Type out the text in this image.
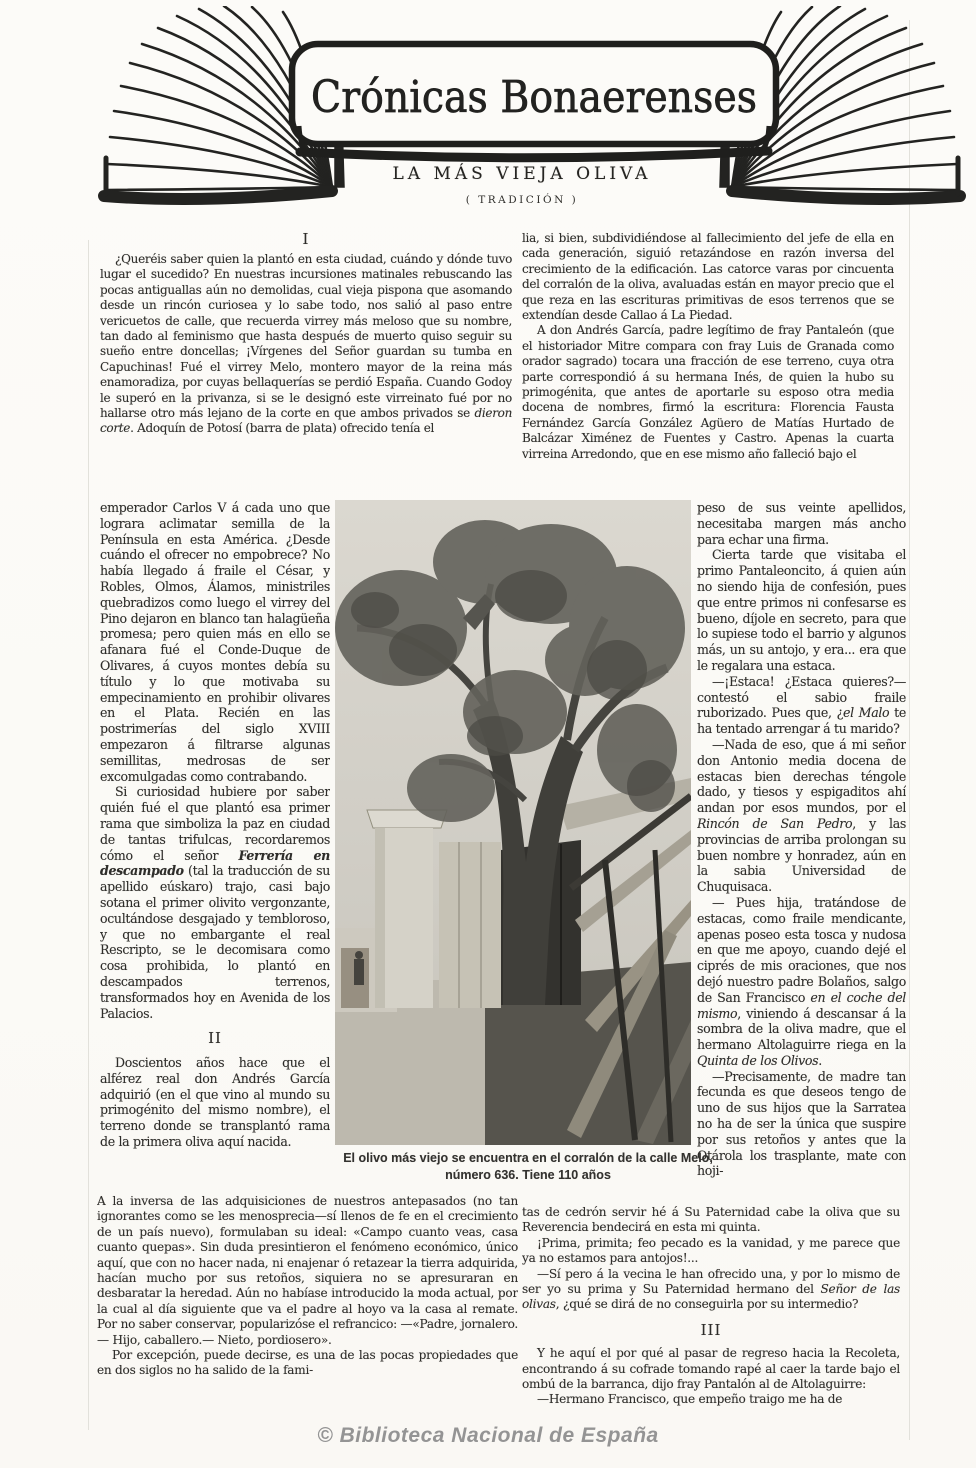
Crónicas Bonaerenses
LA MÁS VIEJA OLIVA
( TRADICIÓN )
I

¿Queréis saber quien la plantó en esta ciudad, cuándo y dónde tuvo lugar el sucedido? En nuestras incursiones matinales rebuscando las pocas antiguallas aún no demolidas, cual vieja pispona que asomando desde un rincón curiosea y lo sabe todo, nos salió al paso entre vericuetos de calle, que recuerda virrey más meloso que su nombre, tan dado al feminismo que hasta después de muerto quiso seguir su sueño entre doncellas; ¡Vírgenes del Señor guardan su tumba en Capuchinas! Fué el virrey Melo, montero mayor de la reina más enamoradiza, por cuyas bellaquerías se perdió España. Cuando Godoy le superó en la privanza, si se le designó este virreinato fué por no hallarse otro más lejano de la corte en que ambos privados se dieron corte. Adoquín de Potosí (barra de plata) ofrecido tenía el

lia, si bien, subdividiéndose al fallecimiento del jefe de ella en cada generación, siguió retazándose en razón inversa del crecimiento de la edificación. Las catorce varas por cincuenta del corralón de la oliva, avaluadas están en mayor precio que el que reza en las escrituras primitivas de esos terrenos que se extendían desde Callao á La Piedad.

A don Andrés García, padre legítimo de fray Pantaleón (que el historiador Mitre compara con fray Luis de Granada como orador sagrado) tocara una fracción de ese terreno, cuya otra parte correspondió á su hermana Inés, de quien la hubo su primogénita, que antes de aportarle su esposo otra media docena de nombres, firmó la escritura: Florencia Fausta Fernández García González Agüero de Matías Hurtado de Balcázar Ximénez de Fuentes y Castro. Apenas la cuarta virreina Arredondo, que en ese mismo año falleció bajo el

emperador Carlos V á cada uno que lograra aclimatar semilla de la Península en esta América. ¿Desde cuándo el ofrecer no empobrece? No había llegado á fraile el César, y Robles, Olmos, Álamos, ministriles quebradizos como luego el virrey del Pino dejaron en blanco tan halagüeña promesa; pero quien más en ello se afanara fué el Conde-Duque de Olivares, á cuyos montes debía su título y lo que motivaba su empecinamiento en prohibir olivares en el Plata. Recién en las postrimerías del siglo XVIII empezaron á filtrarse algunas semillitas, medrosas de ser excomulgadas como contrabando.

Si curiosidad hubiere por saber quién fué el que plantó esa primer rama que simboliza la paz en ciudad de tantas trifulcas, recordaremos cómo el señor Ferrería en descampado (tal la traducción de su apellido eúskaro) trajo, casi bajo sotana el primer olivito vergonzante, ocultándose desgajado y tembloroso, y que no embargante el real Rescripto, se le decomisara como cosa prohibida, lo plantó en descampados terrenos, transformados hoy en Avenida de los Palacios.

II

Doscientos años hace que el alférez real don Andrés García adquirió (en el que vino al mundo su primogénito del mismo nombre), el terreno donde se transplantó rama de la primera oliva aquí nacida.

peso de sus veinte apellidos, necesitaba margen más ancho para echar una firma.

Cierta tarde que visitaba el primo Pantaleoncito, á quien aún no siendo hija de confesión, pues que entre primos ni confesarse es bueno, díjole en secreto, para que lo supiese todo el barrio y algunos más, un su antojo, y era... era que le regalara una estaca.

—¡Estaca! ¿Estaca quieres?—contestó el sabio fraile ruborizado. Pues que, ¿el Malo te ha tentado arrengar á tu marido?

—Nada de eso, que á mi señor don Antonio media docena de estacas bien derechas téngole dado, y tiesos y espigaditos ahí andan por esos mundos, por el Rincón de San Pedro, y las provincias de arriba prolongan su buen nombre y honradez, aún en la sabia Universidad de Chuquisaca.

— Pues hija, tratándose de estacas, como fraile mendicante, apenas poseo esta tosca y nudosa en que me apoyo, cuando dejé el ciprés de mis oraciones, que nos dejó nuestro padre Bolaños, salgo de San Francisco en el coche del mismo, viniendo á descansar á la sombra de la oliva madre, que el hermano Altolaguirre riega en la Quinta de los Olivos.

—Precisamente, de madre tan fecunda es que deseos tengo de uno de sus hijos que la Sarratea no ha de ser la única que suspire por sus retoños y antes que la Otárola los trasplante, mate con hoji-

El olivo más viejo se encuentra en el corralón de la calle Melo,
número 636. Tiene 110 años

A la inversa de las adquisiciones de nuestros antepasados (no tan ignorantes como se les menosprecia—sí llenos de fe en el crecimiento de un país nuevo), formulaban su ideal: «Campo cuanto veas, casa cuanto quepas». Sin duda presintieron el fenómeno económico, único aquí, que con no hacer nada, ni enajenar ó retazear la tierra adquirida, hacían mucho por sus retoños, siquiera no se apresuraran en desbaratar la heredad. Aún no habíase introducido la moda actual, por la cual al día siguiente que va el padre al hoyo va la casa al remate. Por no saber conservar, popularizóse el refrancico: —«Padre, jornalero.— Hijo, caballero.— Nieto, pordiosero».

Por excepción, puede decirse, es una de las pocas propiedades que en dos siglos no ha salido de la fami-

tas de cedrón servir hé á Su Paternidad cabe la oliva que su Reverencia bendecirá en esta mi quinta.

¡Prima, primita; feo pecado es la vanidad, y me parece que ya no estamos para antojos!...

—Sí pero á la vecina le han ofrecido una, y por lo mismo de ser yo su prima y Su Paternidad hermano del Señor de las olivas, ¿qué se dirá de no conseguirla por su intermedio?

III

Y he aquí el por qué al pasar de regreso hacia la Recoleta, encontrando á su cofrade tomando rapé al caer la tarde bajo el ombú de la barranca, dijo fray Pantalón al de Altolaguirre:

—Hermano Francisco, que empeño traigo me ha de

© Biblioteca Nacional de España
